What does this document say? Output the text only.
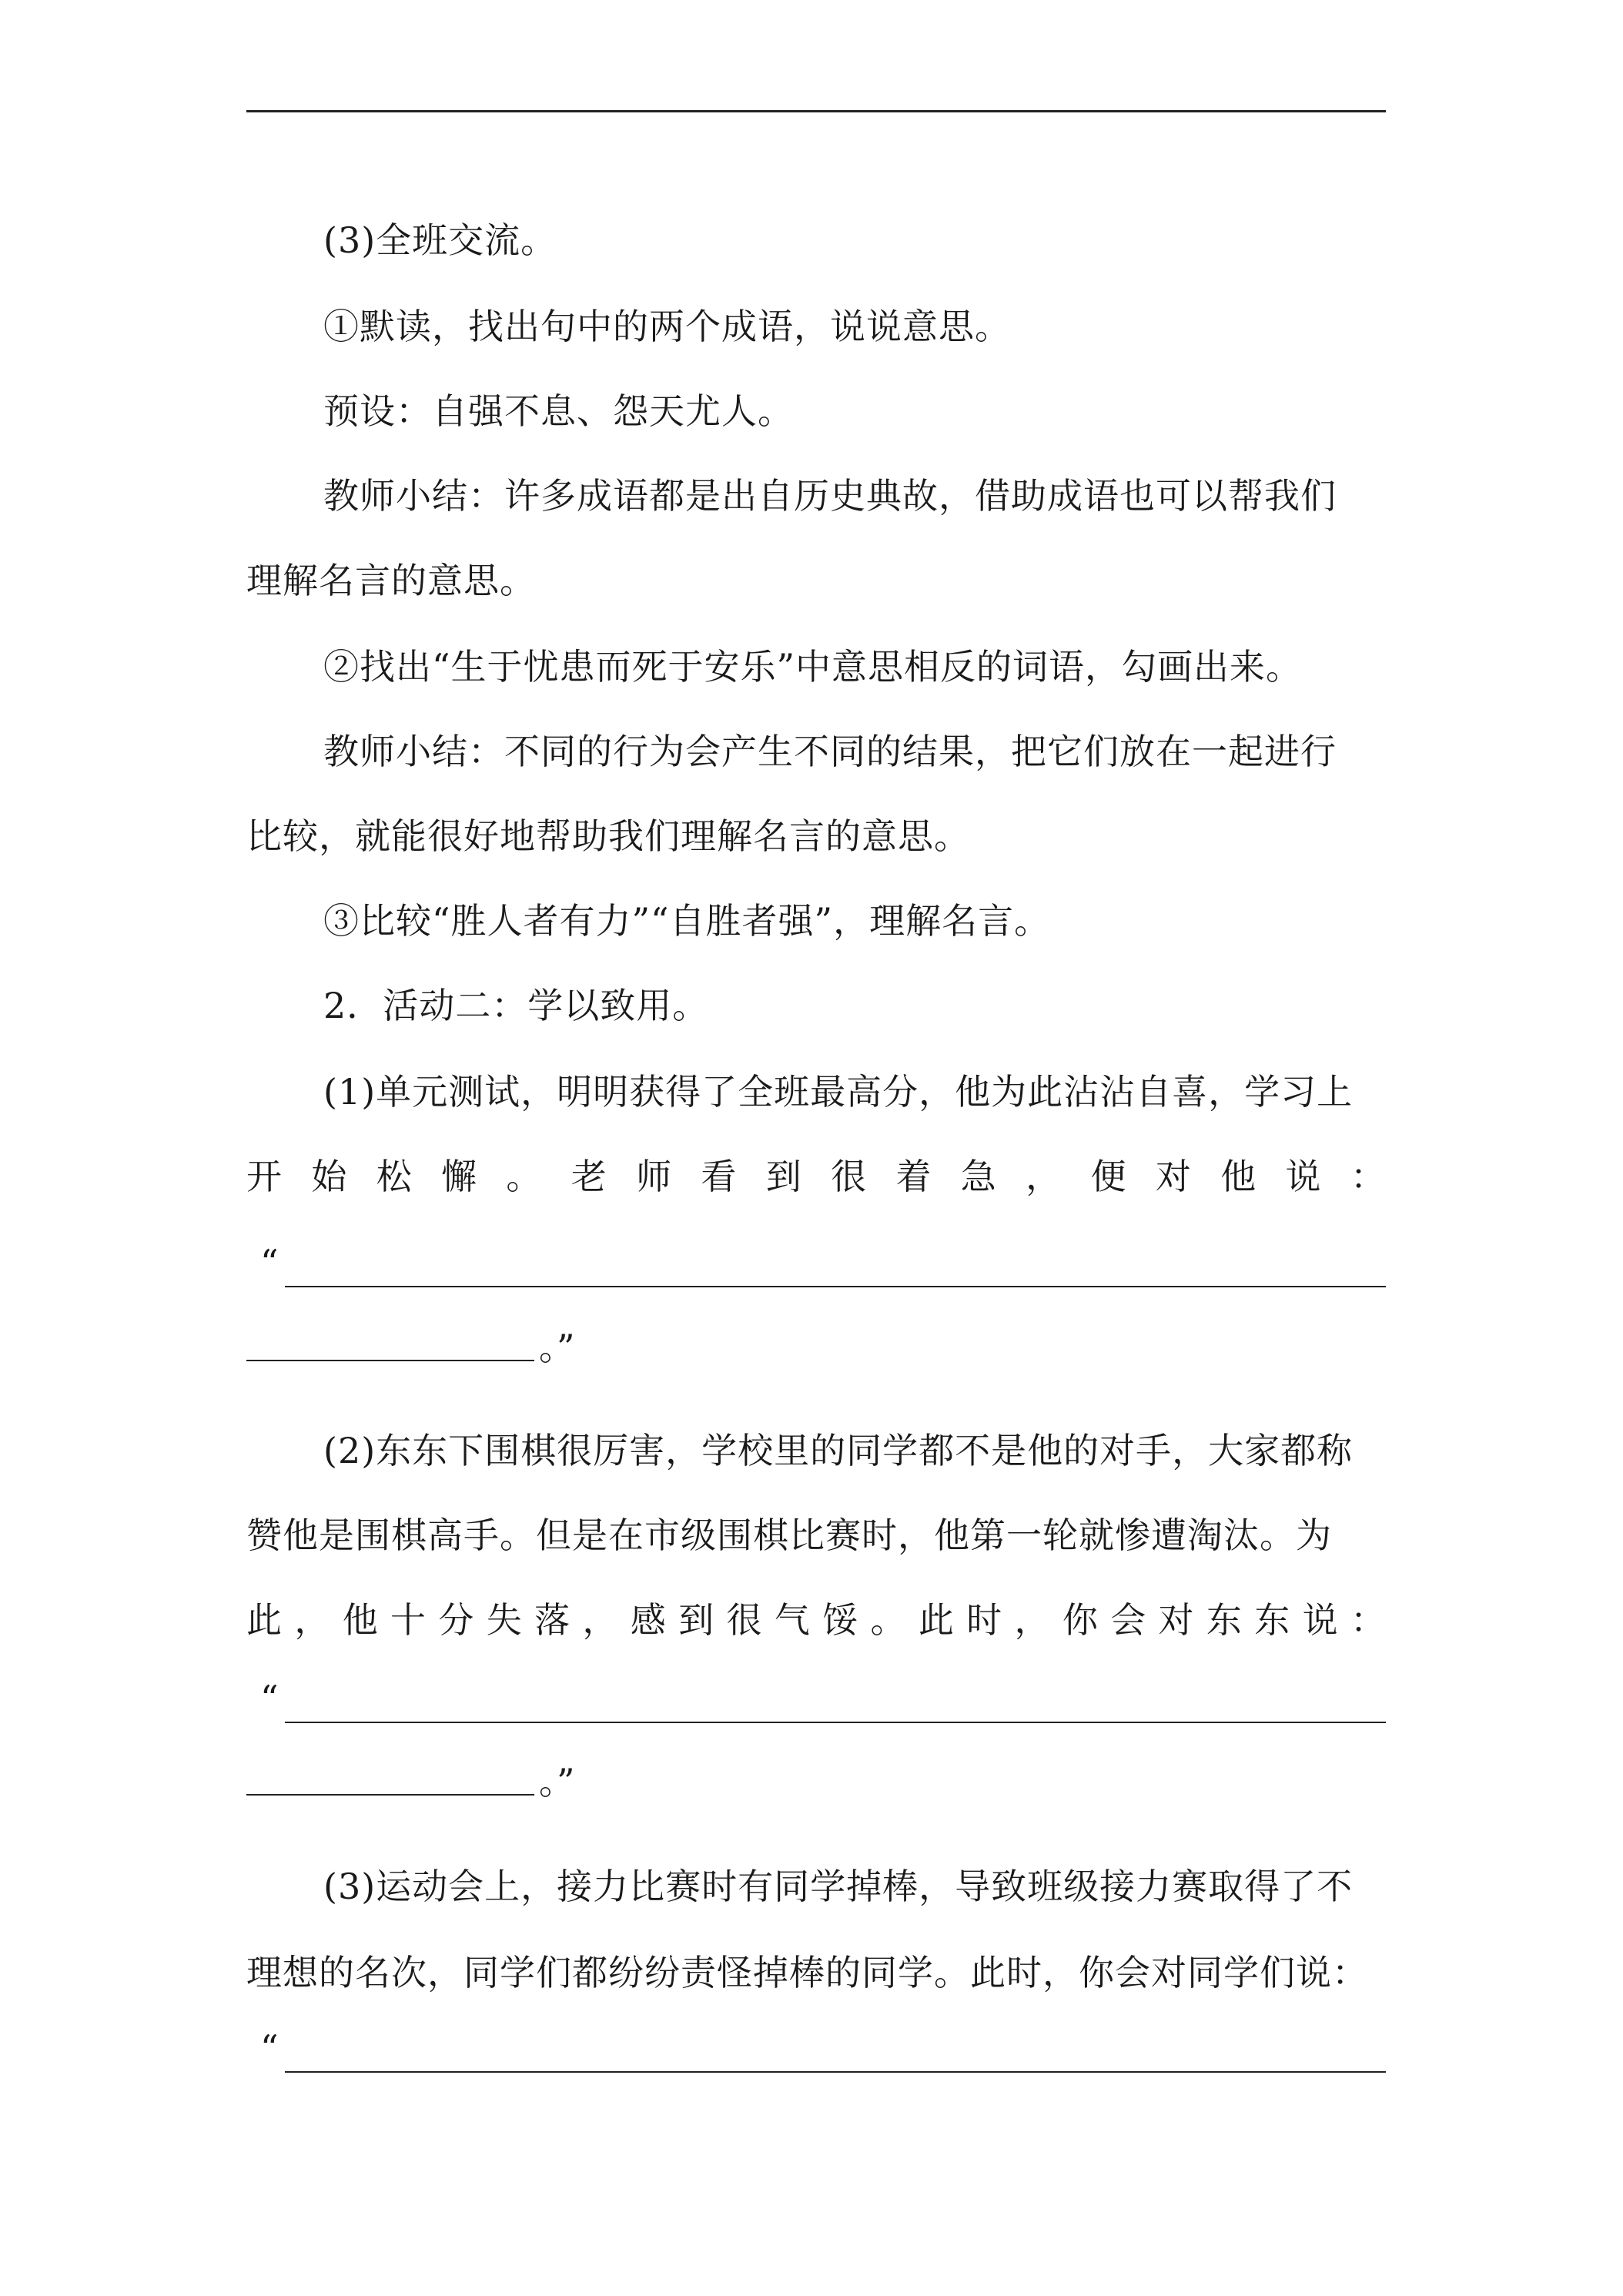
(3)全班交流。
①默读，找出句中的两个成语，说说意思。
预设：自强不息、怨天尤人。
教师小结：许多成语都是出自历史典故，借助成语也可以帮我们
理解名言的意思。
②找出“生于忧患而死于安乐”中意思相反的词语，勾画出来。
教师小结：不同的行为会产生不同的结果，把它们放在一起进行
比较，就能很好地帮助我们理解名言的意思。
③比较“胜人者有力”“自胜者强”，理解名言。
2．活动二：学以致用。
(1)单元测试，明明获得了全班最高分，他为此沾沾自喜，学习上
开 始 松 懈 。 老 师 看 到 很 着 急 ， 便 对 他 说 ：
“
。”
(2)东东下围棋很厉害，学校里的同学都不是他的对手，大家都称
赞他是围棋高手。但是在市级围棋比赛时，他第一轮就惨遭淘汰。为
此 ， 他 十 分 失 落 ， 感 到 很 气 馁 。 此 时 ， 你 会 对 东 东 说 ：
“
。”
(3)运动会上，接力比赛时有同学掉棒，导致班级接力赛取得了不
理想的名次，同学们都纷纷责怪掉棒的同学。此时，你会对同学们说：
“
